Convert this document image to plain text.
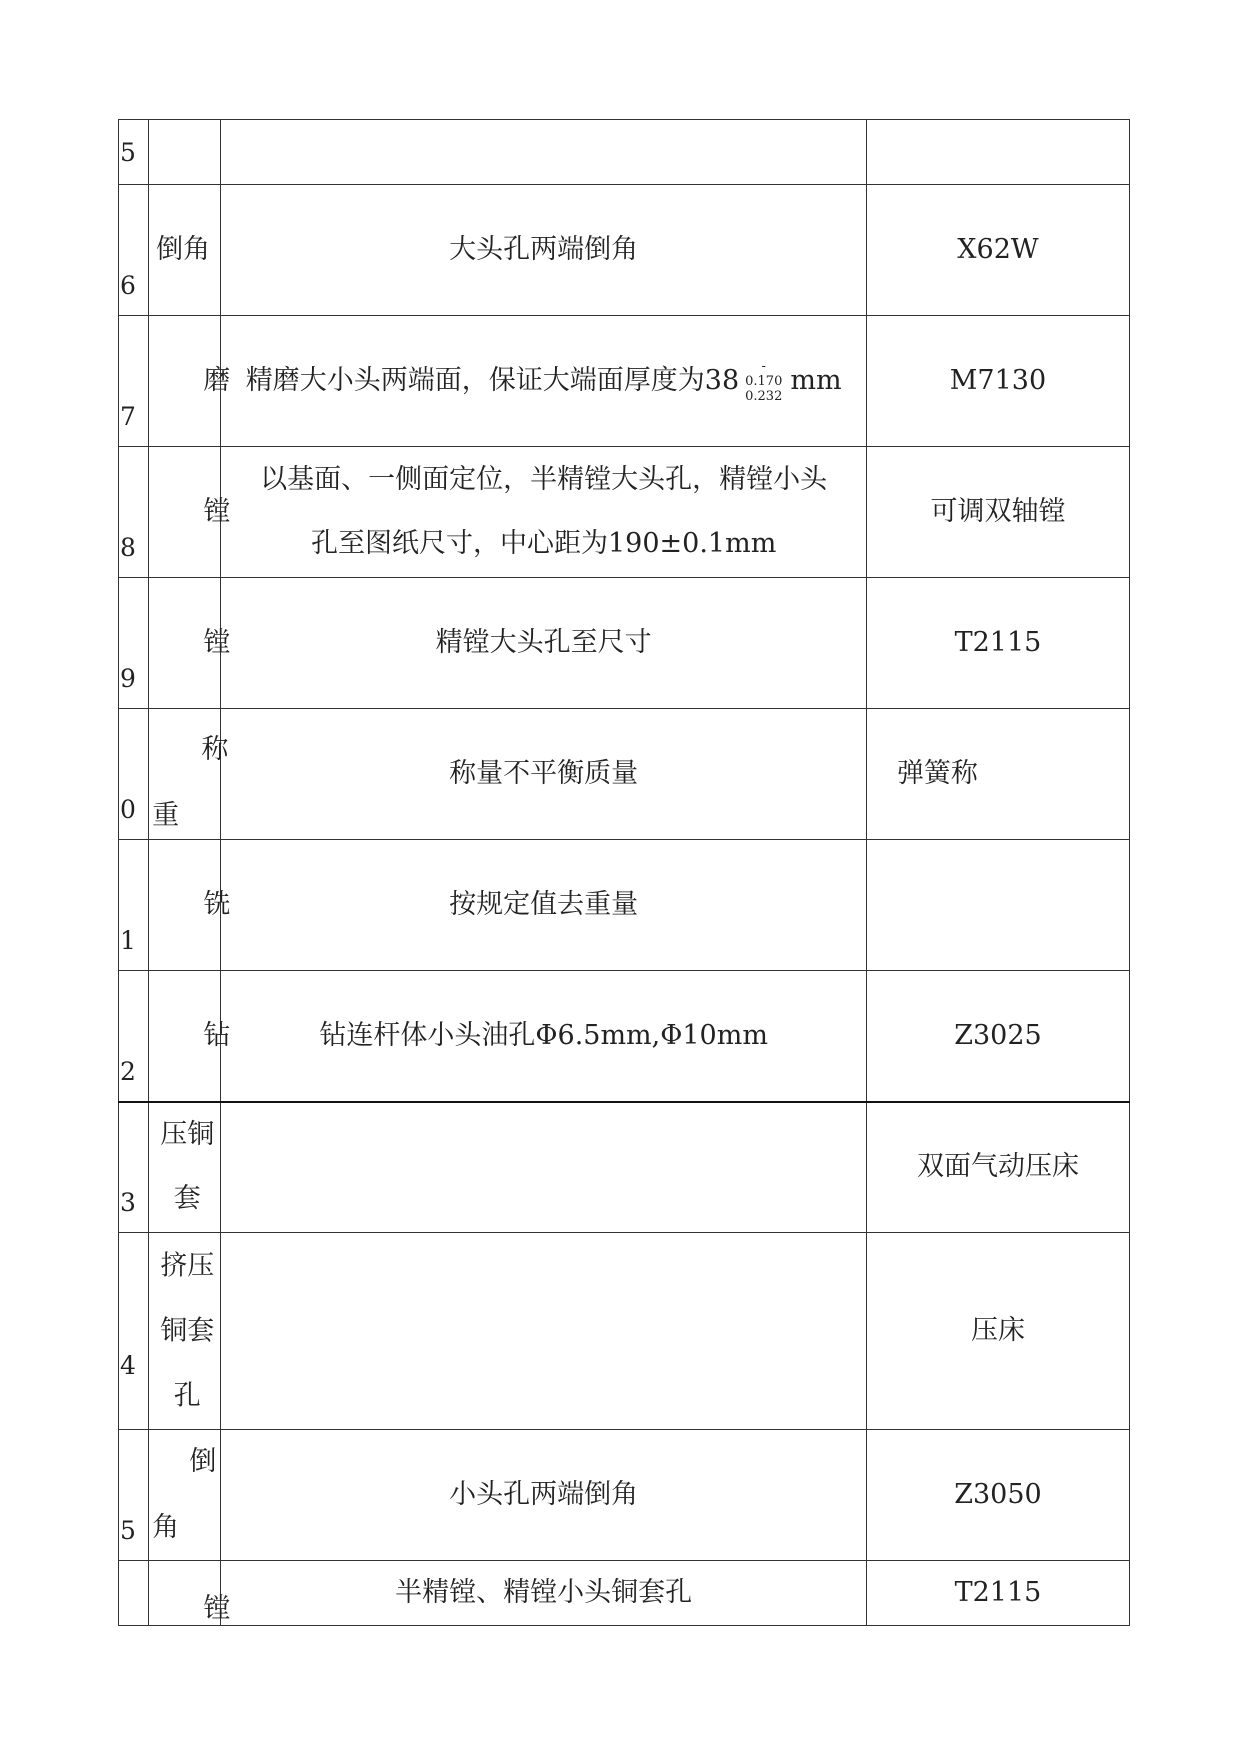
5			

6	倒角	大头孔两端倒角	X62W

7	磨	精磨大小头两端面，保证大端面厚度为38 -
0.170
0.232mm	M7130

8	镗	以基面、一侧面定位，半精镗大头孔，精镗小头
孔至图纸尺寸，中心距为190±0.1mm	可调双轴镗

9	镗	精镗大头孔至尺寸	T2115

0	称
重	称量不平衡质量	弹簧称

1	铣	按规定值去重量	

2	钻	钻连杆体小头油孔Φ6.5mm,Φ10mm	Z3025

3	压铜
套		双面气动压床

4	挤压
铜套
孔		压床

5	倒
角	小头孔两端倒角	Z3050

	镗	半精镗、精镗小头铜套孔	T2115
